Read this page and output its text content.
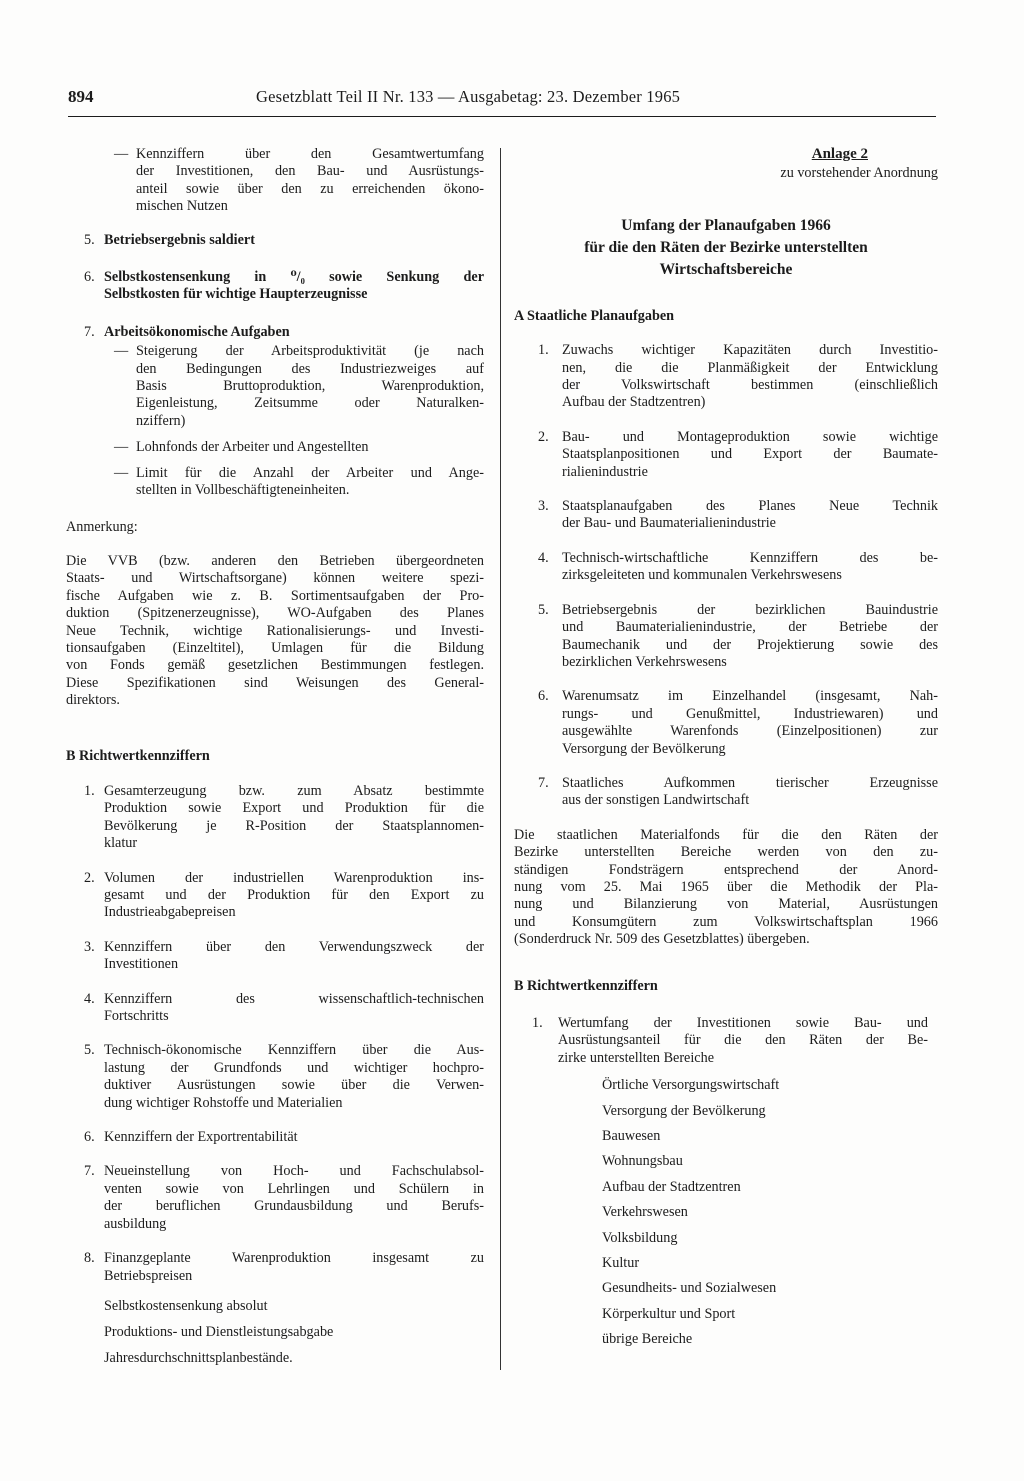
894	Gesetzblatt Teil II Nr. 133 — Ausgabetag: 23. Dezember 1965
— Kennziffern über den Gesamtwertumfang

der Investitionen, den Bau- und Ausrüstungs-

anteil sowie über den zu erreichenden ökono-

mischen Nutzen

5. Betriebsergebnis saldiert

6. Selbstkostensenkung in ⁰/₀ sowie Senkung der

Selbstkosten für wichtige Haupterzeugnisse

7. Arbeitsökonomische Aufgaben

— Steigerung der Arbeitsproduktivität (je nach

den Bedingungen des Industriezweiges auf

Basis Bruttoproduktion, Warenproduktion,

Eigenleistung, Zeitsumme oder Naturalken-

nziffern)

— Lohnfonds der Arbeiter und Angestellten

— Limit für die Anzahl der Arbeiter und Ange-

stellten in Vollbeschäftigteneinheiten.

Anmerkung:

Die VVB (bzw. anderen den Betrieben übergeordneten

Staats- und Wirtschaftsorgane) können weitere spezi-

fische Aufgaben wie z. B. Sortimentsaufgaben der Pro-

duktion (Spitzenerzeugnisse), WO-Aufgaben des Planes

Neue Technik, wichtige Rationalisierungs- und Investi-

tionsaufgaben (Einzeltitel), Umlagen für die Bildung

von Fonds gemäß gesetzlichen Bestimmungen festlegen.

Diese Spezifikationen sind Weisungen des General-

direktors.

B Richtwertkennziffern

1. Gesamterzeugung bzw. zum Absatz bestimmte

Produktion sowie Export und Produktion für die

Bevölkerung je R-Position der Staatsplannomen-

klatur

2. Volumen der industriellen Warenproduktion ins-

gesamt und der Produktion für den Export zu

Industrieabgabepreisen

3. Kennziffern über den Verwendungszweck der

Investitionen

4. Kennziffern des wissenschaftlich-technischen

Fortschritts

5. Technisch-ökonomische Kennziffern über die Aus-

lastung der Grundfonds und wichtiger hochpro-

duktiver Ausrüstungen sowie über die Verwen-

dung wichtiger Rohstoffe und Materialien

6. Kennziffern der Exportrentabilität

7. Neueinstellung von Hoch- und Fachschulabsol-

venten sowie von Lehrlingen und Schülern in

der beruflichen Grundausbildung und Berufs-

ausbildung

8. Finanzgeplante Warenproduktion insgesamt zu

Betriebspreisen

Selbstkostensenkung absolut

Produktions- und Dienstleistungsabgabe

Jahresdurchschnittsplanbestände.

Anlage 2

zu vorstehender Anordnung

Umfang der Planaufgaben 1966

für die den Räten der Bezirke unterstellten

Wirtschaftsbereiche

A Staatliche Planaufgaben

1. Zuwachs wichtiger Kapazitäten durch Investitio-

nen, die die Planmäßigkeit der Entwicklung

der Volkswirtschaft bestimmen (einschließlich

Aufbau der Stadtzentren)

2. Bau- und Montageproduktion sowie wichtige

Staatsplanpositionen und Export der Baumate-

rialienindustrie

3. Staatsplanaufgaben des Planes Neue Technik

der Bau- und Baumaterialienindustrie

4. Technisch-wirtschaftliche Kennziffern des be-

zirksgeleiteten und kommunalen Verkehrswesens

5. Betriebsergebnis der bezirklichen Bauindustrie

und Baumaterialienindustrie, der Betriebe der

Baumechanik und der Projektierung sowie des

bezirklichen Verkehrswesens

6. Warenumsatz im Einzelhandel (insgesamt, Nah-

rungs- und Genußmittel, Industriewaren) und

ausgewählte Warenfonds (Einzelpositionen) zur

Versorgung der Bevölkerung

7. Staatliches Aufkommen tierischer Erzeugnisse

aus der sonstigen Landwirtschaft

Die staatlichen Materialfonds für die den Räten der

Bezirke unterstellten Bereiche werden von den zu-

ständigen Fondsträgern entsprechend der Anord-

nung vom 25. Mai 1965 über die Methodik der Pla-

nung und Bilanzierung von Material, Ausrüstungen

und Konsumgütern zum Volkswirtschaftsplan 1966

(Sonderdruck Nr. 509 des Gesetzblattes) übergeben.

B Richtwertkennziffern

1. Wertumfang der Investitionen sowie Bau- und

Ausrüstungsanteil für die den Räten der Be-

zirke unterstellten Bereiche

Örtliche Versorgungswirtschaft
Versorgung der Bevölkerung
Bauwesen
Wohnungsbau
Aufbau der Stadtzentren
Verkehrswesen
Volksbildung
Kultur
Gesundheits- und Sozialwesen
Körperkultur und Sport
übrige Bereiche
